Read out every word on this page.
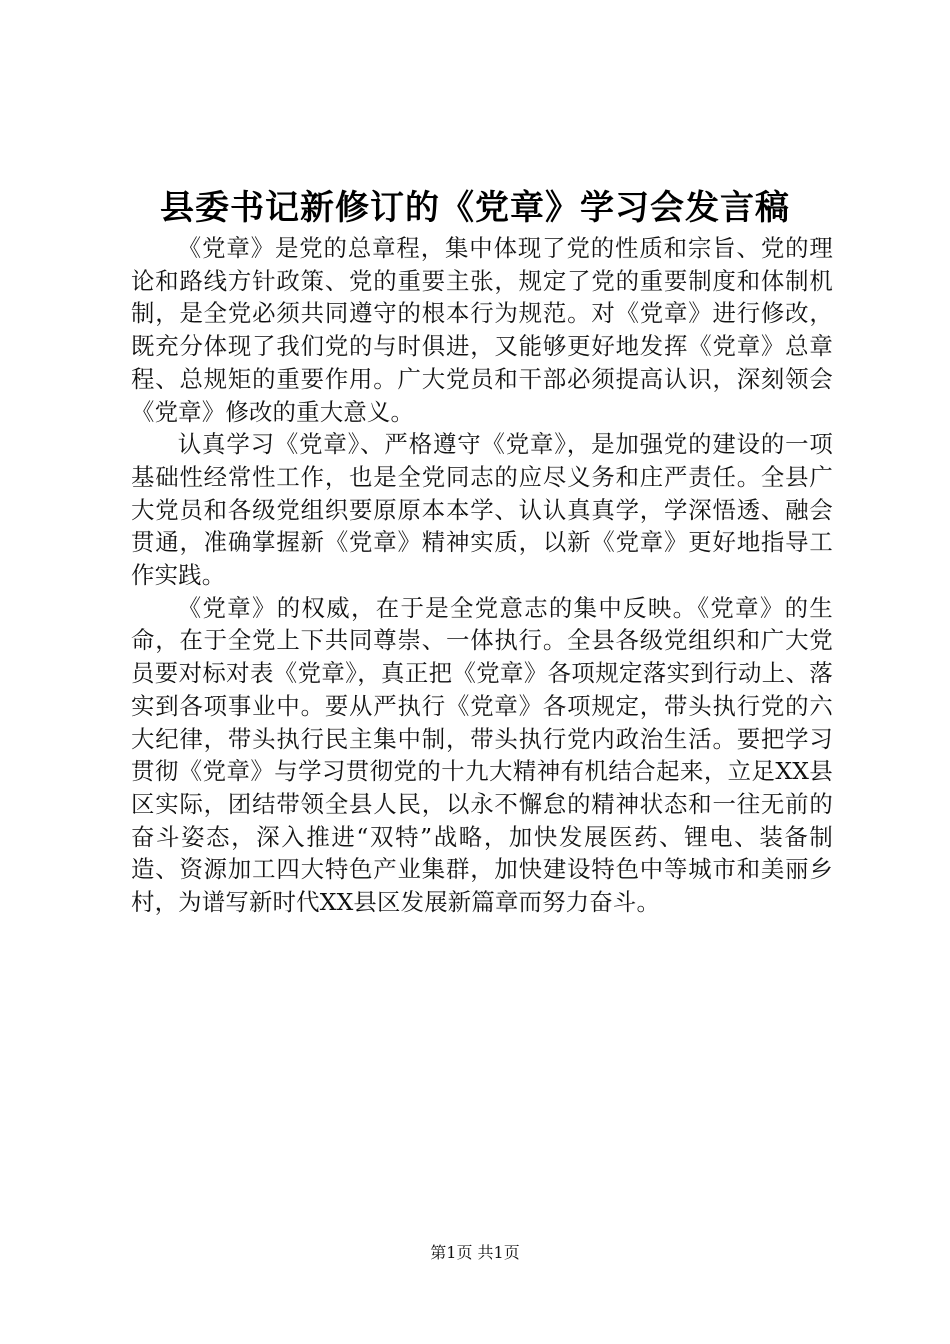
县委书记新修订的《党章》学习会发言稿

《党章》是党的总章程，集中体现了党的性质和宗旨、党的理论和路线方针政策、党的重要主张，规定了党的重要制度和体制机制，是全党必须共同遵守的根本行为规范。对《党章》进行修改，既充分体现了我们党的与时俱进，又能够更好地发挥《党章》总章程、总规矩的重要作用。广大党员和干部必须提高认识，深刻领会《党章》修改的重大意义。

认真学习《党章》、严格遵守《党章》，是加强党的建设的一项基础性经常性工作，也是全党同志的应尽义务和庄严责任。全县广大党员和各级党组织要原原本本学、认认真真学，学深悟透、融会贯通，准确掌握新《党章》精神实质，以新《党章》更好地指导工作实践。

《党章》的权威，在于是全党意志的集中反映。《党章》的生命，在于全党上下共同尊崇、一体执行。全县各级党组织和广大党员要对标对表《党章》，真正把《党章》各项规定落实到行动上、落实到各项事业中。要从严执行《党章》各项规定，带头执行党的六大纪律，带头执行民主集中制，带头执行党内政治生活。要把学习贯彻《党章》与学习贯彻党的十九大精神有机结合起来，立足XX县区实际，团结带领全县人民，以永不懈怠的精神状态和一往无前的奋斗姿态，深入推进“双特”战略，加快发展医药、锂电、装备制造、资源加工四大特色产业集群，加快建设特色中等城市和美丽乡村，为谱写新时代XX县区发展新篇章而努力奋斗。

第1页 共1页
